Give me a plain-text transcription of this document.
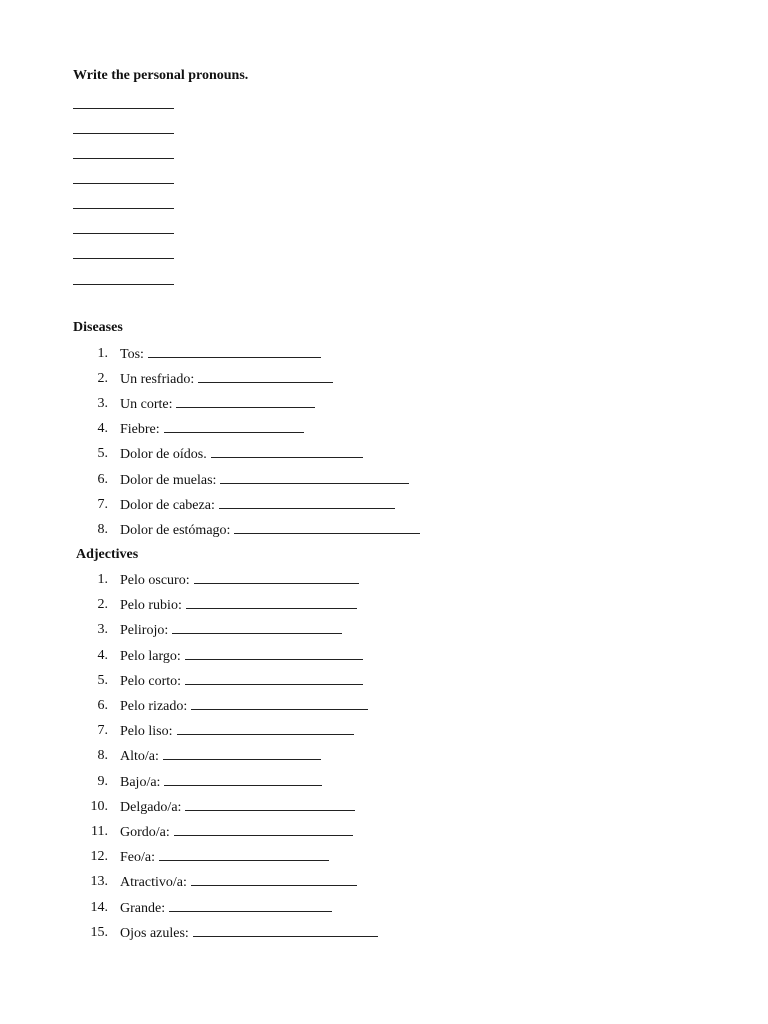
Write the personal pronouns.
Diseases
1. Tos:
2. Un resfriado:
3. Un corte:
4. Fiebre:
5. Dolor de oídos.
6. Dolor de muelas:
7. Dolor de cabeza:
8. Dolor de estómago:
Adjectives
1. Pelo oscuro:
2. Pelo rubio:
3. Pelirojo:
4. Pelo largo:
5. Pelo corto:
6. Pelo rizado:
7. Pelo liso:
8. Alto/a:
9. Bajo/a:
10. Delgado/a:
11. Gordo/a:
12. Feo/a:
13. Atractivo/a:
14. Grande:
15. Ojos azules:
